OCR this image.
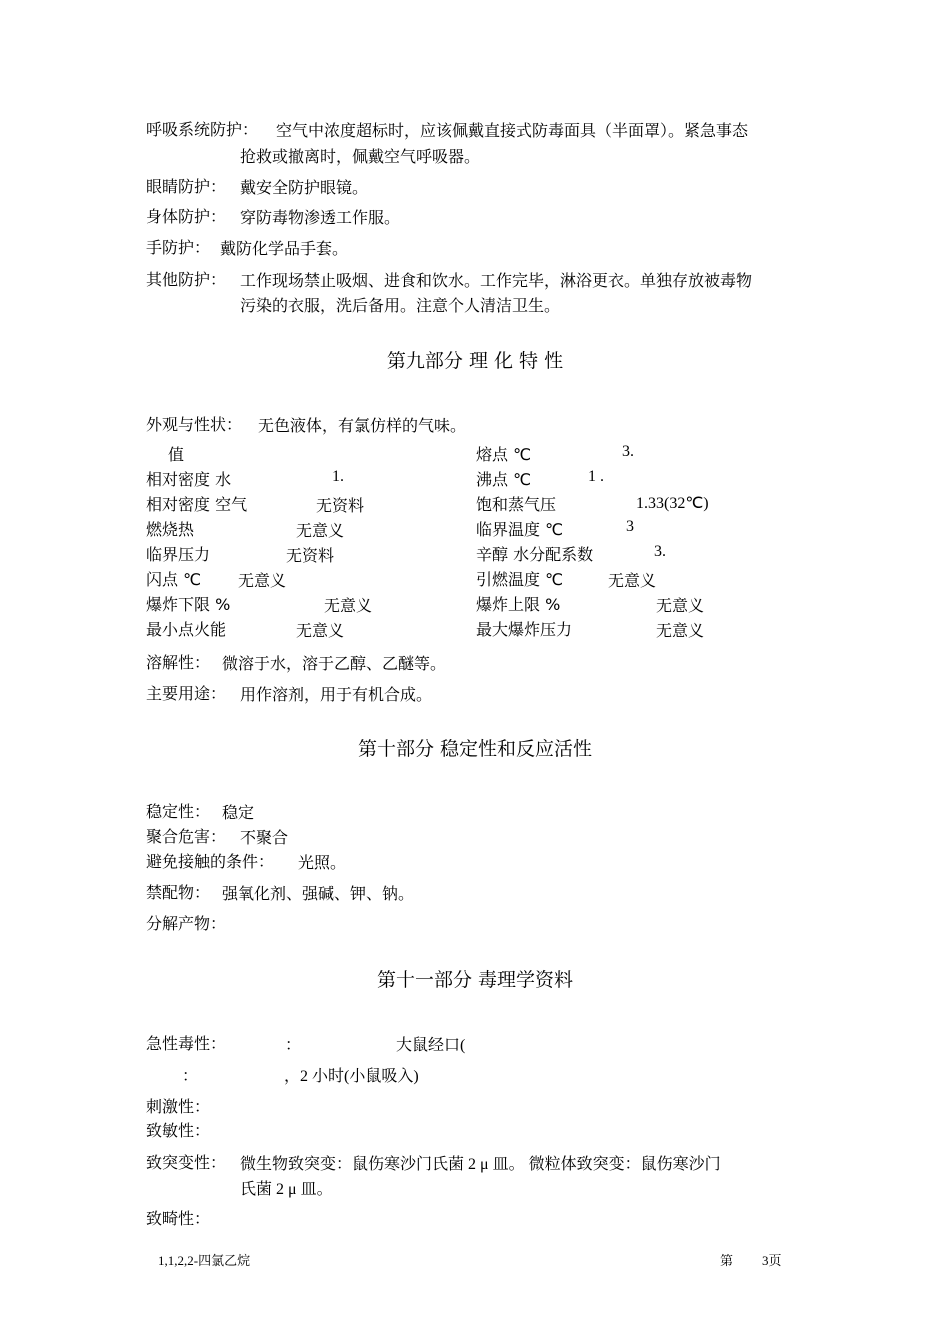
呼吸系统防护： 空气中浓度超标时，应该佩戴直接式防毒面具（半面罩）。紧急事态
抢救或撤离时，佩戴空气呼吸器。
眼睛防护： 戴安全防护眼镜。
身体防护： 穿防毒物渗透工作服。
手防护： 戴防化学品手套。
其他防护： 工作现场禁止吸烟、进食和饮水。工作完毕，淋浴更衣。单独存放被毒物
污染的衣服，洗后备用。注意个人清洁卫生。
第九部分 理 化 特 性
外观与性状： 无色液体，有氯仿样的气味。
值	熔点 ℃	3.
相对密度 水	1.	沸点 ℃	1 .
相对密度 空气	无资料	饱和蒸气压	1.33(32℃)
燃烧热	无意义	临界温度 ℃	3
临界压力	无资料	辛醇 水分配系数	3.
闪点 ℃ 无意义	引燃温度 ℃	无意义
爆炸下限 %	无意义	爆炸上限 %	无意义
最小点火能	无意义	最大爆炸压力	无意义
溶解性： 微溶于水，溶于乙醇、乙醚等。
主要用途： 用作溶剂，用于有机合成。
第十部分 稳定性和反应活性
稳定性： 稳定
聚合危害： 不聚合
避免接触的条件： 光照。
禁配物： 强氧化剂、强碱、钾、钠。
分解产物：
第十一部分 毒理学资料
急性毒性：	：	大鼠经口(
：	，2 小时(小鼠吸入)
刺激性：
致敏性：
致突变性： 微生物致突变：鼠伤寒沙门氏菌 2 μ 皿。 微粒体致突变：鼠伤寒沙门
氏菌 2 μ 皿。
致畸性：
1,1,2,2-四氯乙烷	第 3页
